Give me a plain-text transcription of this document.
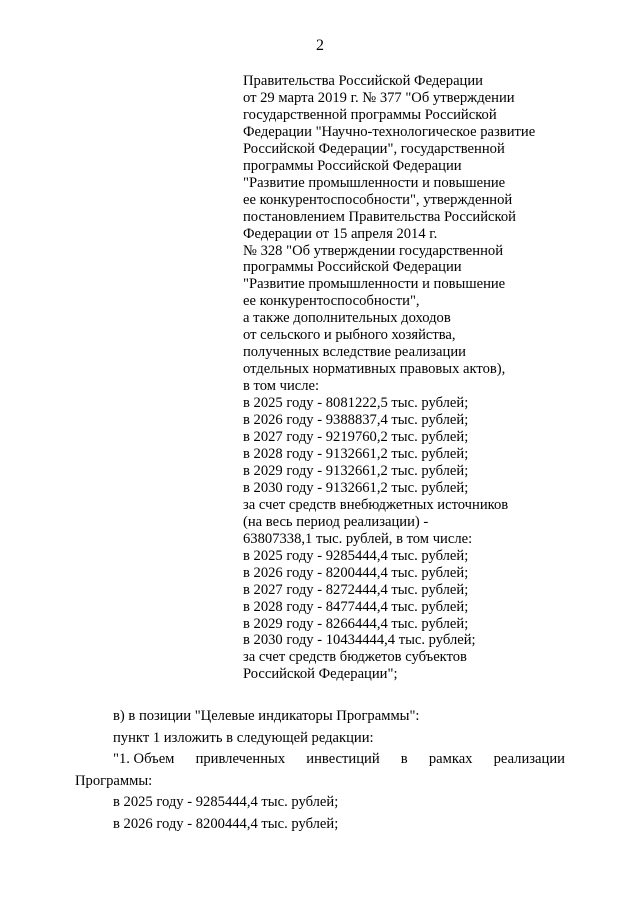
2
Правительства Российской Федерации
от 29 марта 2019 г. № 377 "Об утверждении
государственной программы Российской
Федерации "Научно-технологическое развитие
Российской Федерации", государственной
программы Российской Федерации
"Развитие промышленности и повышение
ее конкурентоспособности", утвержденной
постановлением Правительства Российской
Федерации от 15 апреля 2014 г.
№ 328 "Об утверждении государственной
программы Российской Федерации
"Развитие промышленности и повышение
ее конкурентоспособности",
а также дополнительных доходов
от сельского и рыбного хозяйства,
полученных вследствие реализации
отдельных нормативных правовых актов),
в том числе:
в 2025 году - 8081222,5 тыс. рублей;
в 2026 году - 9388837,4 тыс. рублей;
в 2027 году - 9219760,2 тыс. рублей;
в 2028 году - 9132661,2 тыс. рублей;
в 2029 году - 9132661,2 тыс. рублей;
в 2030 году - 9132661,2 тыс. рублей;
за счет средств внебюджетных источников
(на весь период реализации) -
63807338,1 тыс. рублей, в том числе:
в 2025 году - 9285444,4 тыс. рублей;
в 2026 году - 8200444,4 тыс. рублей;
в 2027 году - 8272444,4 тыс. рублей;
в 2028 году - 8477444,4 тыс. рублей;
в 2029 году - 8266444,4 тыс. рублей;
в 2030 году - 10434444,4 тыс. рублей;
за счет средств бюджетов субъектов
Российской Федерации";
в) в позиции "Целевые индикаторы Программы":
пункт 1 изложить в следующей редакции:
"1. Объем привлеченных инвестиций в рамках реализации
Программы:
в 2025 году - 9285444,4 тыс. рублей;
в 2026 году - 8200444,4 тыс. рублей;
